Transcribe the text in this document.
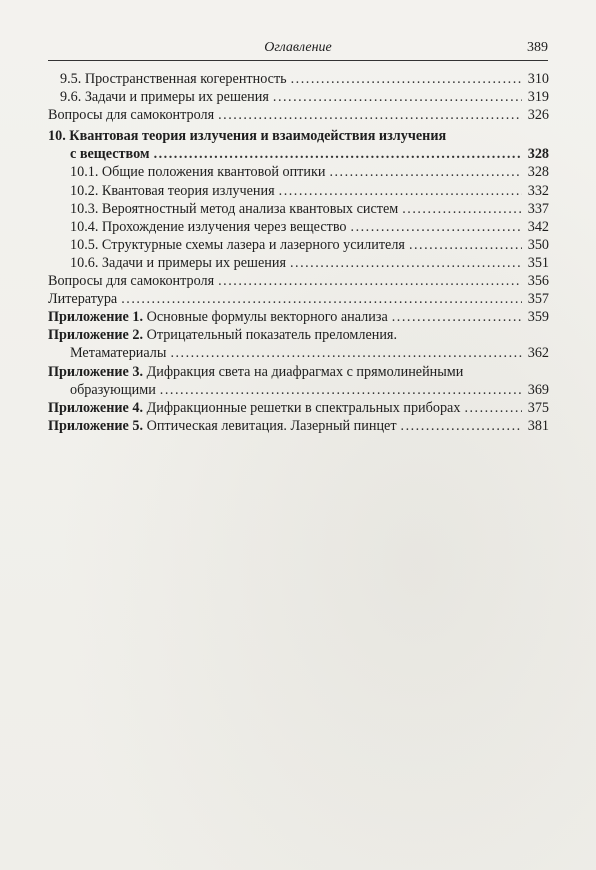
Оглавление	389
9.5. Пространственная когерентность .....	310
9.6. Задачи и примеры их решения .....	319
Вопросы для самоконтроля .....	326
10. Квантовая теория излучения и взаимодействия излучения
с веществом .....	328
10.1. Общие положения квантовой оптики .....	328
10.2. Квантовая теория излучения .....	332
10.3. Вероятностный метод анализа квантовых систем .....	337
10.4. Прохождение излучения через вещество .....	342
10.5. Структурные схемы лазера и лазерного усилителя .....	350
10.6. Задачи и примеры их решения .....	351
Вопросы для самоконтроля .....	356
Литература .....	357
Приложение 1. Основные формулы векторного анализа .....	359
Приложение 2. Отрицательный показатель преломления.
Метаматериалы .....	362
Приложение 3. Дифракция света на диафрагмах с прямолинейными
образующими .....	369
Приложение 4. Дифракционные решетки в спектральных приборах .....	375
Приложение 5. Оптическая левитация. Лазерный пинцет .....	381
